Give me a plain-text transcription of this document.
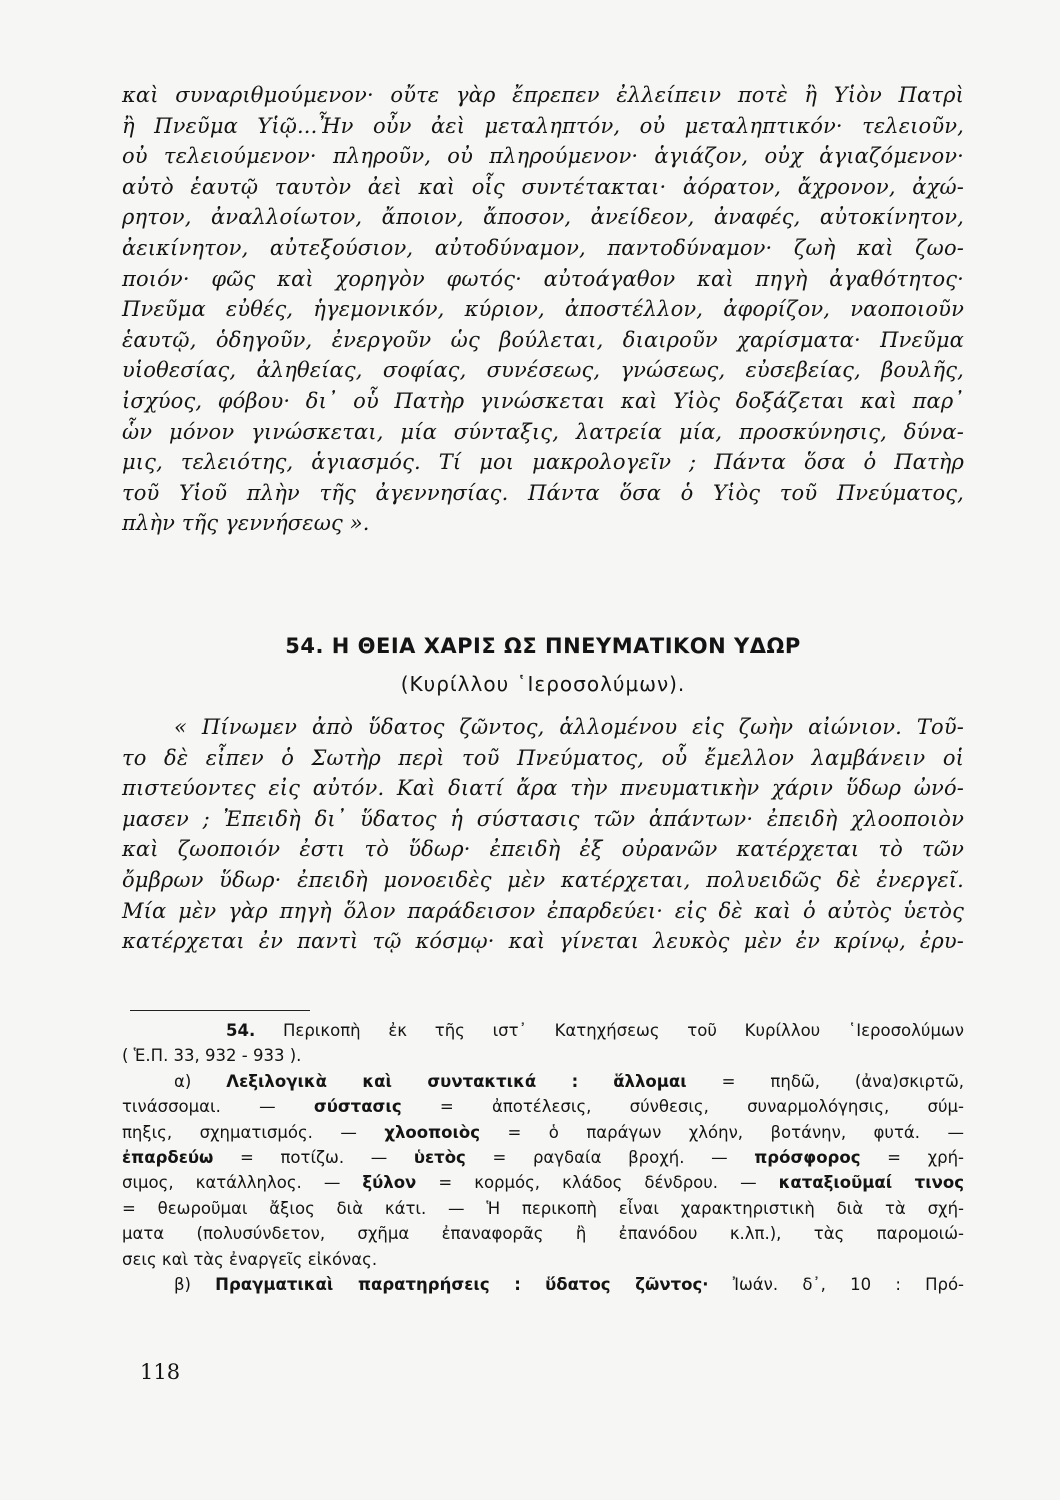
καὶ συναριθμούμενον· οὔτε γὰρ ἔπρεπεν ἐλλείπειν ποτὲ ἢ Υἱὸν Πατρὶ
ἢ Πνεῦμα Υἱῷ...Ἦν οὖν ἀεὶ μεταληπτόν, οὐ μεταληπτικόν· τελειοῦν,
οὐ τελειούμενον· πληροῦν, οὐ πληρούμενον· ἁγιάζον, οὐχ ἁγιαζόμενον·
αὐτὸ ἑαυτῷ ταυτὸν ἀεὶ καὶ οἷς συντέτακται· ἀόρατον, ἄχρονον, ἀχώ-
ρητον, ἀναλλοίωτον, ἄποιον, ἄποσον, ἀνείδεον, ἀναφές, αὐτοκίνητον,
ἀεικίνητον, αὐτεξούσιον, αὐτοδύναμον, παντοδύναμον· ζωὴ καὶ ζωο-
ποιόν· φῶς καὶ χορηγὸν φωτός· αὐτοάγαθον καὶ πηγὴ ἀγαθότητος·
Πνεῦμα εὐθές, ἡγεμονικόν, κύριον, ἀποστέλλον, ἀφορίζον, ναοποιοῦν
ἑαυτῷ, ὁδηγοῦν, ἐνεργοῦν ὡς βούλεται, διαιροῦν χαρίσματα· Πνεῦμα
υἱοθεσίας, ἀληθείας, σοφίας, συνέσεως, γνώσεως, εὐσεβείας, βουλῆς,
ἰσχύος, φόβου· δι᾽ οὗ Πατὴρ γινώσκεται καὶ Υἱὸς δοξάζεται καὶ παρ᾽
ὧν μόνον γινώσκεται, μία σύνταξις, λατρεία μία, προσκύνησις, δύνα-
μις, τελειότης, ἁγιασμός. Τί μοι μακρολογεῖν ; Πάντα ὅσα ὁ Πατὴρ
τοῦ Υἱοῦ πλὴν τῆς ἀγεννησίας. Πάντα ὅσα ὁ Υἱὸς τοῦ Πνεύματος,
πλὴν τῆς γεννήσεως ».
54. Η ΘΕΙΑ ΧΑΡΙΣ ΩΣ ΠΝΕΥΜΑΤΙΚΟΝ ΥΔΩΡ
(Κυρίλλου ῾Ιεροσολύμων).
« Πίνωμεν ἀπὸ ὕδατος ζῶντος, ἁλλομένου εἰς ζωὴν αἰώνιον. Τοῦ-
το δὲ εἶπεν ὁ Σωτὴρ περὶ τοῦ Πνεύματος, οὗ ἔμελλον λαμβάνειν οἱ
πιστεύοντες εἰς αὐτόν. Καὶ διατί ἄρα τὴν πνευματικὴν χάριν ὕδωρ ὠνό-
μασεν ; Ἐπειδὴ δι᾽ ὕδατος ἡ σύστασις τῶν ἁπάντων· ἐπειδὴ χλοοποιὸν
καὶ ζωοποιόν ἐστι τὸ ὕδωρ· ἐπειδὴ ἐξ οὐρανῶν κατέρχεται τὸ τῶν
ὄμβρων ὕδωρ· ἐπειδὴ μονοειδὲς μὲν κατέρχεται, πολυειδῶς δὲ ἐνεργεῖ.
Μία μὲν γὰρ πηγὴ ὅλον παράδεισον ἐπαρδεύει· εἰς δὲ καὶ ὁ αὐτὸς ὑετὸς
κατέρχεται ἐν παντὶ τῷ κόσμῳ· καὶ γίνεται λευκὸς μὲν ἐν κρίνῳ, ἐρυ-
54. Περικοπὴ ἐκ τῆς ιστ᾽ Κατηχήσεως τοῦ Κυρίλλου ῾Ιεροσολύμων
( Ἑ.Π. 33, 932 - 933 ).
α) Λεξιλογικὰ καὶ συντακτικά : ἅλλομαι = πηδῶ, (ἀνα)σκιρτῶ,
τινάσσομαι. — σύστασις = ἀποτέλεσις, σύνθεσις, συναρμολόγησις, σύμ-
πηξις, σχηματισμός. — χλοοποιὸς = ὁ παράγων χλόην, βοτάνην, φυτά. —
ἐπαρδεύω = ποτίζω. — ὑετὸς = ραγδαία βροχή. — πρόσφορος = χρή-
σιμος, κατάλληλος. — ξύλον = κορμός, κλάδος δένδρου. — καταξιοῦμαί τινος
= θεωροῦμαι ἄξιος διὰ κάτι. — Ἡ περικοπὴ εἶναι χαρακτηριστικὴ διὰ τὰ σχή-
ματα (πολυσύνδετον, σχῆμα ἐπαναφορᾶς ἢ ἐπανόδου κ.λπ.), τὰς παρομοιώ-
σεις καὶ τὰς ἐναργεῖς εἰκόνας.
β) Πραγματικαὶ παρατηρήσεις : ὕδατος ζῶντος· Ἰωάν. δ᾽, 10 : Πρό-
118
